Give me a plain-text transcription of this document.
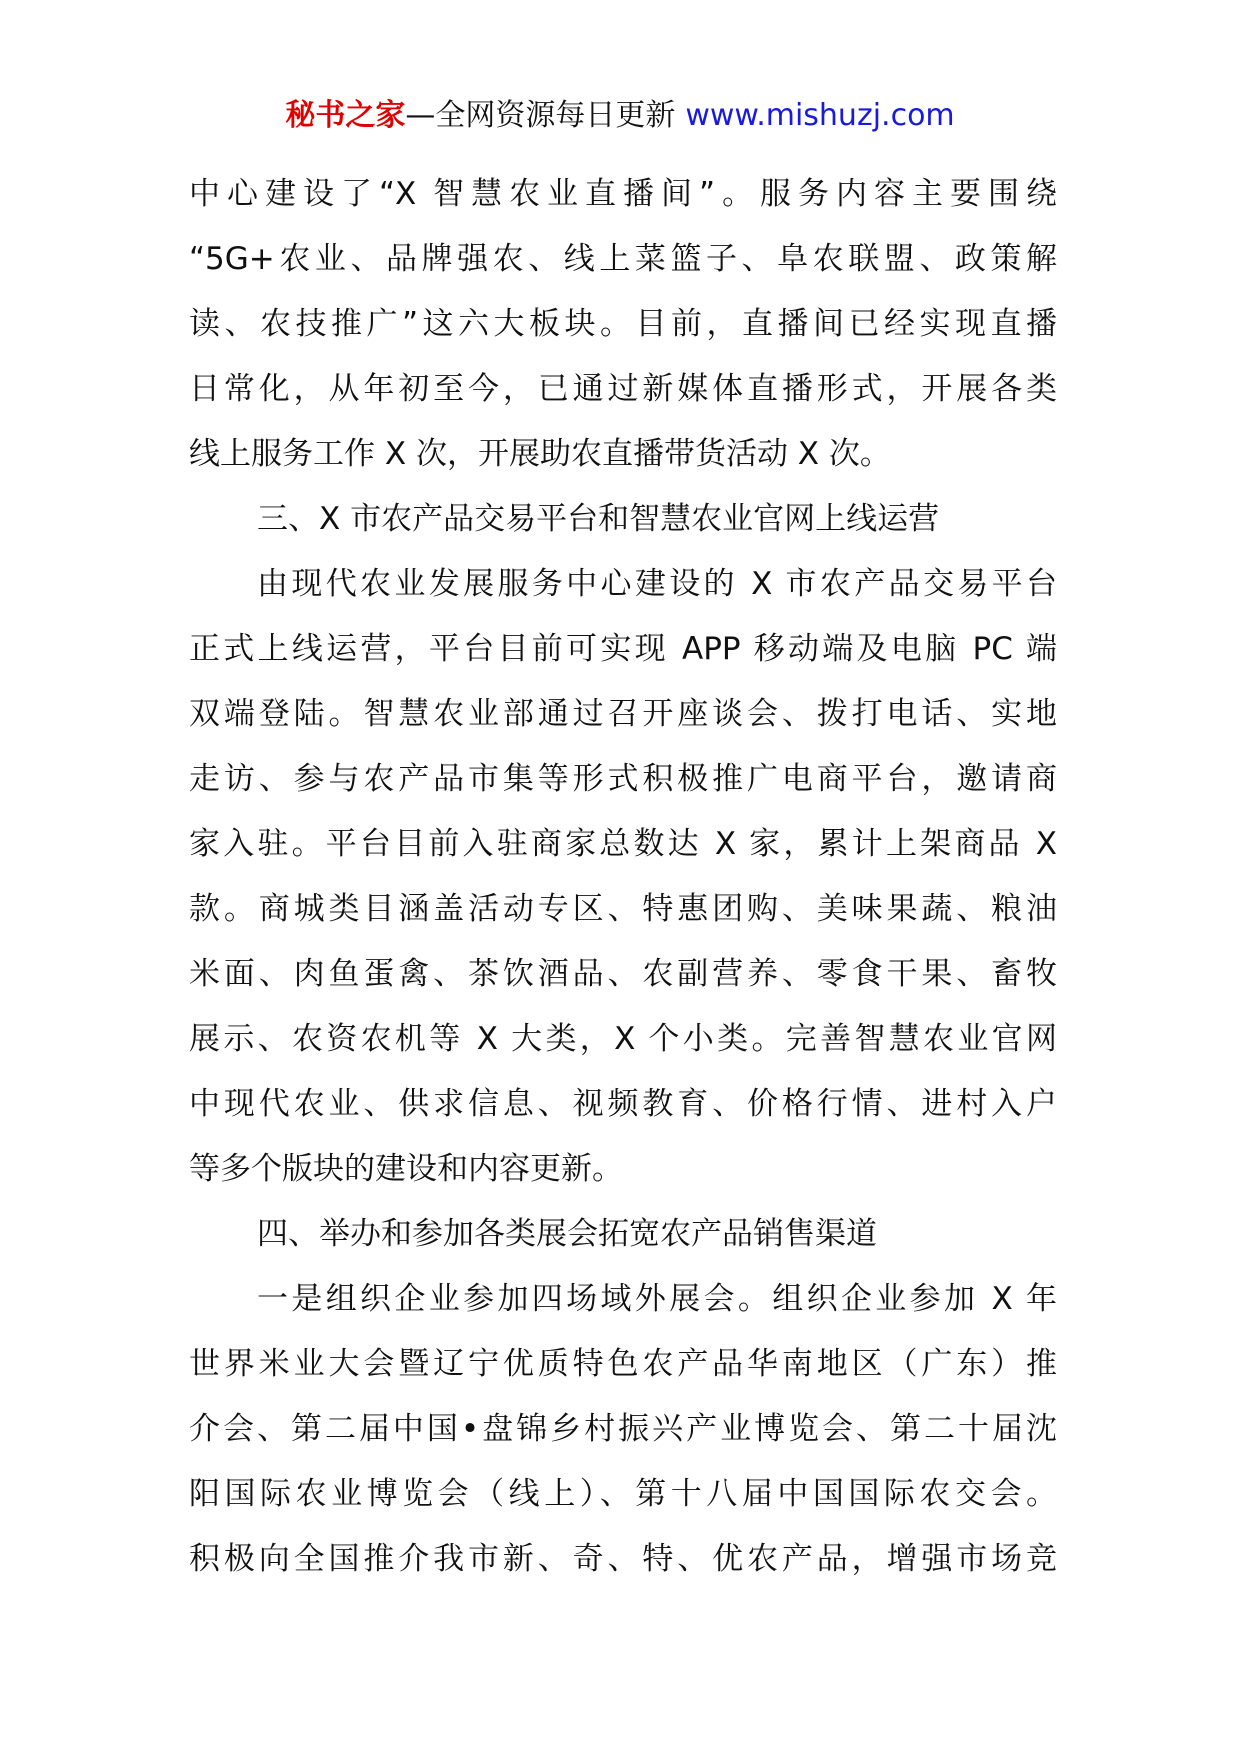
秘书之家—全网资源每日更新 www.mishuzj.com
中心建设了“X 智慧农业直播间”。服务内容主要围绕
“5G+农业、品牌强农、线上菜篮子、阜农联盟、政策解
读、农技推广”这六大板块。目前，直播间已经实现直播
日常化，从年初至今，已通过新媒体直播形式，开展各类
线上服务工作 X 次，开展助农直播带货活动 X 次。
三、X 市农产品交易平台和智慧农业官网上线运营
由现代农业发展服务中心建设的 X 市农产品交易平台
正式上线运营，平台目前可实现 APP 移动端及电脑 PC 端
双端登陆。智慧农业部通过召开座谈会、拨打电话、实地
走访、参与农产品市集等形式积极推广电商平台，邀请商
家入驻。平台目前入驻商家总数达 X 家，累计上架商品 X
款。商城类目涵盖活动专区、特惠团购、美味果蔬、粮油
米面、肉鱼蛋禽、茶饮酒品、农副营养、零食干果、畜牧
展示、农资农机等 X 大类，X 个小类。完善智慧农业官网
中现代农业、供求信息、视频教育、价格行情、进村入户
等多个版块的建设和内容更新。
四、举办和参加各类展会拓宽农产品销售渠道
一是组织企业参加四场域外展会。组织企业参加 X 年
世界米业大会暨辽宁优质特色农产品华南地区（广东）推
介会、第二届中国•盘锦乡村振兴产业博览会、第二十届沈
阳国际农业博览会（线上）、第十八届中国国际农交会。
积极向全国推介我市新、奇、特、优农产品，增强市场竞
